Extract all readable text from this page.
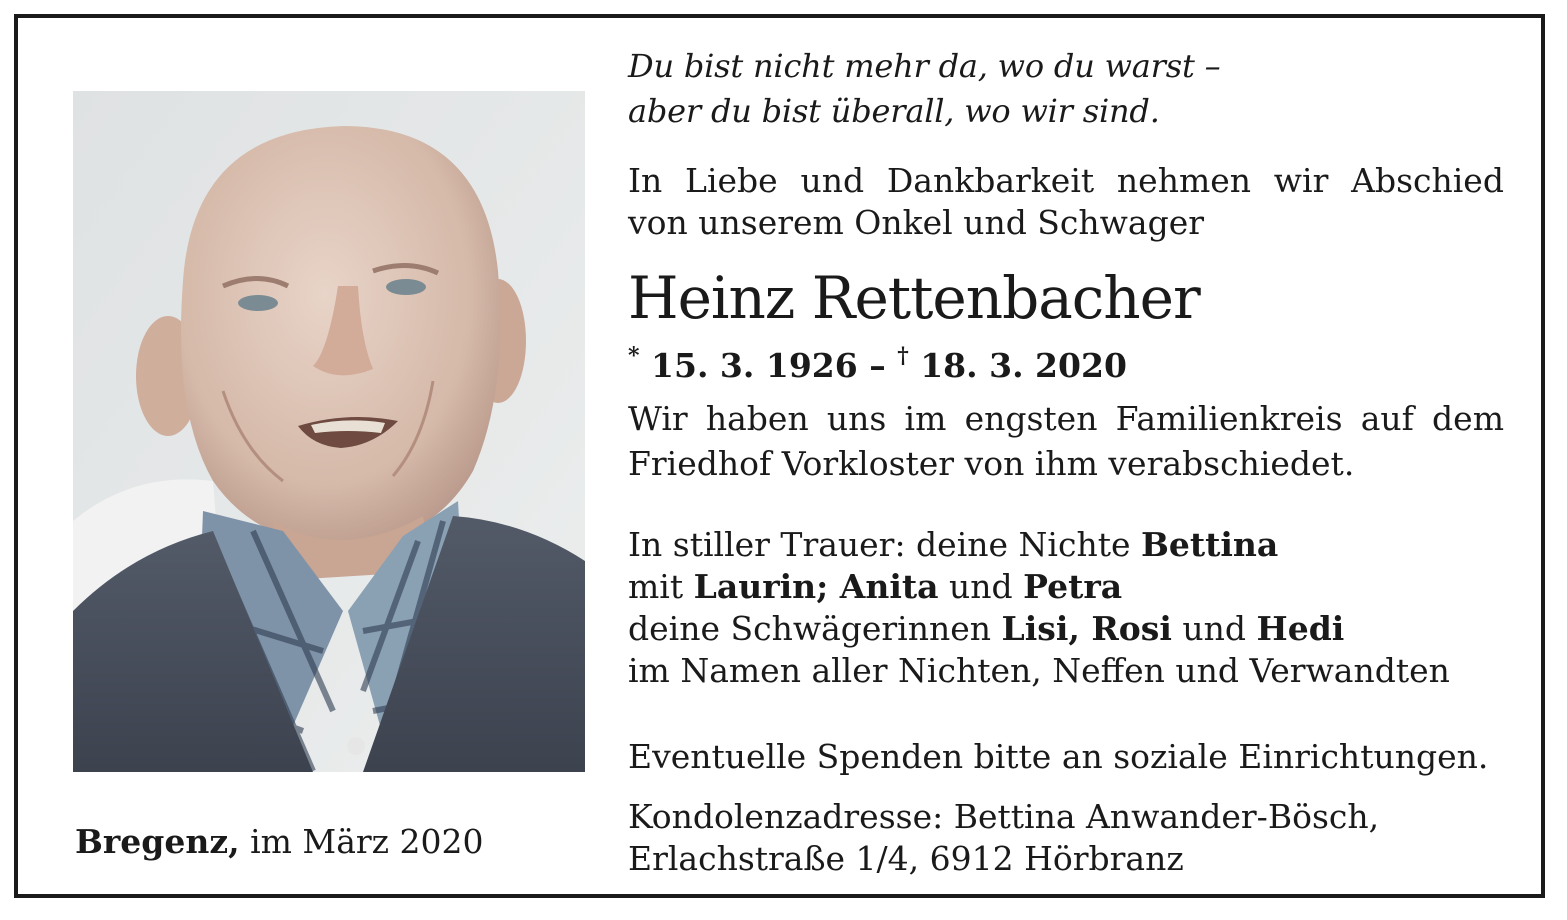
Bregenz, im März 2020
Du bist nicht mehr da, wo du warst –
aber du bist überall, wo wir sind.
In Liebe und Dankbarkeit nehmen wir Abschied
von unserem Onkel und Schwager
Heinz Rettenbacher
* 15. 3. 1926 – † 18. 3. 2020
Wir haben uns im engsten Familienkreis auf dem
Friedhof Vorkloster von ihm verabschiedet.
In stiller Trauer: deine Nichte Bettina
mit Laurin; Anita und Petra
deine Schwägerinnen Lisi, Rosi und Hedi
im Namen aller Nichten, Neffen und Verwandten
Eventuelle Spenden bitte an soziale Einrichtungen.
Kondolenzadresse: Bettina Anwander-Bösch,
Erlachstraße 1/4, 6912 Hörbranz
